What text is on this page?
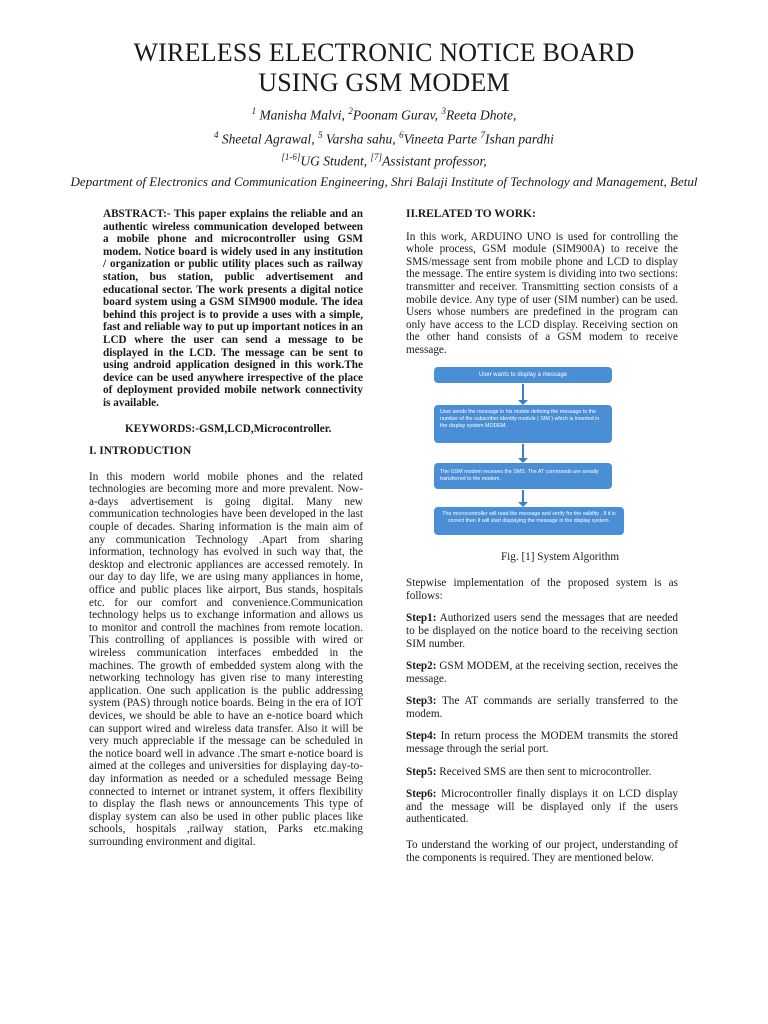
WIRELESS ELECTRONIC NOTICE BOARD
USING GSM MODEM
$^1$ Manisha Malvi, $^2$Poonam Gurav, $^3$Reeta Dhote,
$^4$ Sheetal Agrawal, $^5$ Varsha sahu, $^6$Vineeta Parte $^7$Ishan pardhi
[1-6]UG Student, [7]Assistant professor,
Department of Electronics and Communication Engineering, Shri Balaji Institute of Technology and Management, Betul

ABSTRACT:- This paper explains the reliable and an authentic wireless communication developed between a mobile phone and microcontroller using GSM modem. Notice board is widely used in any institution / organization or public utility places such as railway station, bus station, public advertisement and educational sector. The work presents a digital notice board system using a GSM SIM900 module. The idea behind this project is to provide a uses with a simple, fast and reliable way to put up important notices in an LCD where the user can send a message to be displayed in the LCD. The message can be sent to using android application designed in this work.The device can be used anywhere irrespective of the place of deployment provided mobile network connectivity is available.

KEYWORDS:-GSM,LCD,Microcontroller.

I. INTRODUCTION

In this modern world mobile phones and the related technologies are becoming more and more prevalent. Now- a-days advertisement is going digital. Many new communication technologies have been developed in the last couple of decades. Sharing information is the main aim of any communication Technology .Apart from sharing information, technology has evolved in such way that, the desktop and electronic appliances are accessed remotely. In our day to day life, we are using many appliances in home, office and public places like airport, Bus stands, hospitals etc. for our comfort and convenience.Communication technology helps us to exchange information and allows us to monitor and controll the machines from remote location. This controlling of appliances is possible with wired or wireless communication interfaces embedded in the machines. The growth of embedded system along with the networking technology has given rise to many interesting application. One such application is the public addressing system (PAS) through notice boards. Being in the era of IOT devices, we should be able to have an e-notice board which can support wired and wireless data transfer. Also it will be very much appreciable if the message can be scheduled in the notice board well in advance .The smart e-notice board is aimed at the colleges and universities for displaying day-to-day information as needed or a scheduled message Being connected to internet or intranet system, it offers flexibility to display the flash news or announcements This type of display system can also be used in other public places like schools, hospitals ,railway station, Parks etc.making surrounding environment and digital.

II.RELATED TO WORK:

In this work, ARDUINO UNO is used for controlling the whole process, GSM module (SIM900A) to receive the SMS/message sent from mobile phone and LCD to display the message. The entire system is dividing into two sections: transmitter and receiver. Transmitting section consists of a mobile device. Any type of user (SIM number) can be used. Users whose numbers are predefined in the program can only have access to the LCD display. Receiving section on the other hand consists of a GSM modem to receive message.

User wants to display a message
User sends the message in his mobile defining the message to the number of the subscriber identity module ( SIM ) which is inserted in the display system MODEM.
The GSM modem receives the SMS. The AT commands are serially transferred to the modem.
The microcontroller will read the message and verify for the validity , If it is correct then It will start displaying the message in the display system.

Fig. [1] System Algorithm

Stepwise implementation of the proposed system is as follows:

Step1: Authorized users send the messages that are needed to be displayed on the notice board to the receiving section SIM number.

Step2: GSM MODEM, at the receiving section, receives the message.

Step3: The AT commands are serially transferred to the modem.

Step4: In return process the MODEM transmits the stored message through the serial port.

Step5: Received SMS are then sent to microcontroller.

Step6: Microcontroller finally displays it on LCD display and the message will be displayed only if the users authenticated.

To understand the working of our project, understanding of the components is required. They are mentioned below.
